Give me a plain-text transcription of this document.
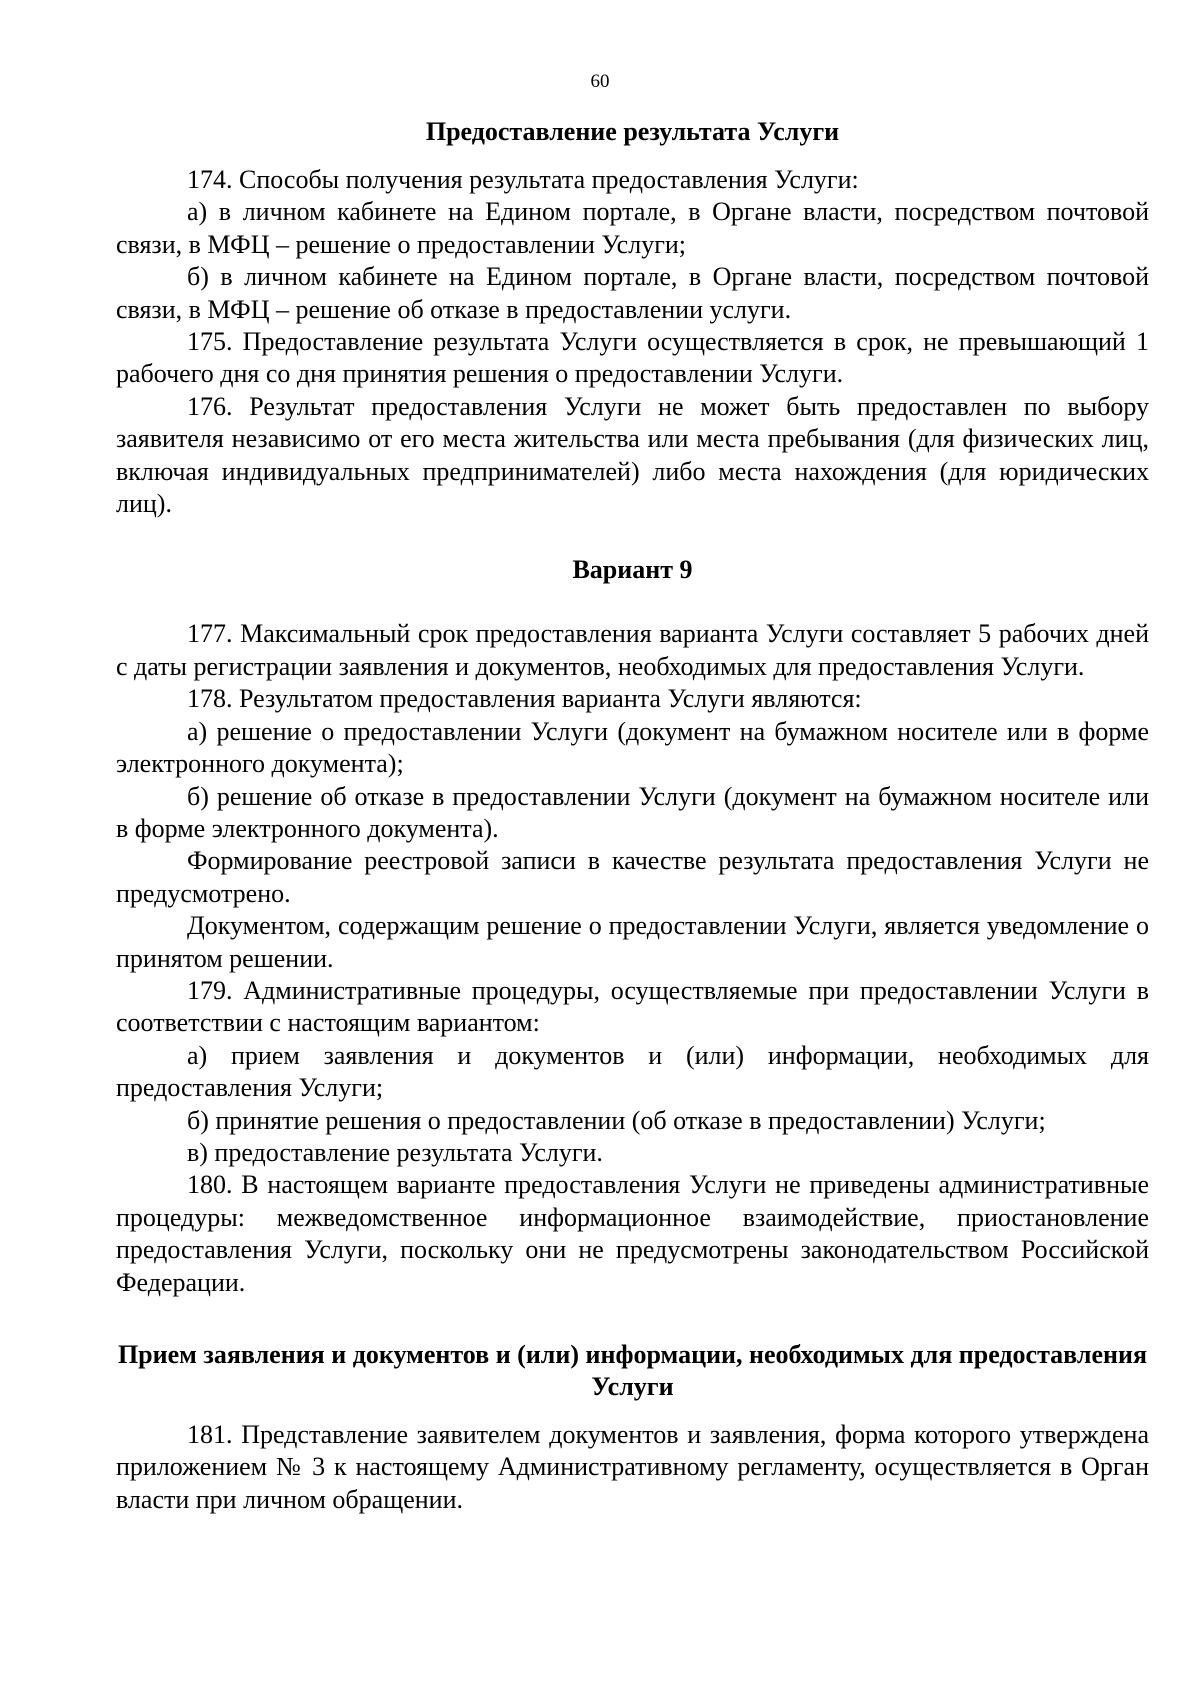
60
Предоставление результата Услуги

174. Способы получения результата предоставления Услуги:

а) в личном кабинете на Едином портале, в Органе власти, посредством почтовой связи, в МФЦ – решение о предоставлении Услуги;

б) в личном кабинете на Едином портале, в Органе власти, посредством почтовой связи, в МФЦ – решение об отказе в предоставлении услуги.

175. Предоставление результата Услуги осуществляется в срок, не превышающий 1 рабочего дня со дня принятия решения о предоставлении Услуги.

176. Результат предоставления Услуги не может быть предоставлен по выбору заявителя независимо от его места жительства или места пребывания (для физических лиц, включая индивидуальных предпринимателей) либо места нахождения (для юридических лиц).

Вариант 9

177. Максимальный срок предоставления варианта Услуги составляет 5 рабочих дней с даты регистрации заявления и документов, необходимых для предоставления Услуги.

178. Результатом предоставления варианта Услуги являются:

а) решение о предоставлении Услуги (документ на бумажном носителе или в форме электронного документа);

б) решение об отказе в предоставлении Услуги (документ на бумажном носителе или в форме электронного документа).

Формирование реестровой записи в качестве результата предоставления Услуги не предусмотрено.

Документом, содержащим решение о предоставлении Услуги, является уведомление о принятом решении.

179. Административные процедуры, осуществляемые при предоставлении Услуги в соответствии с настоящим вариантом:

а) прием заявления и документов и (или) информации, необходимых для предоставления Услуги;

б) принятие решения о предоставлении (об отказе в предоставлении) Услуги;

в) предоставление результата Услуги.

180. В настоящем варианте предоставления Услуги не приведены административные процедуры: межведомственное информационное взаимодействие, приостановление предоставления Услуги, поскольку они не предусмотрены законодательством Российской Федерации.

Прием заявления и документов и (или) информации, необходимых для предоставления Услуги

181. Представление заявителем документов и заявления, форма которого утверждена приложением № 3 к настоящему Административному регламенту, осуществляется в Орган власти при личном обращении.
